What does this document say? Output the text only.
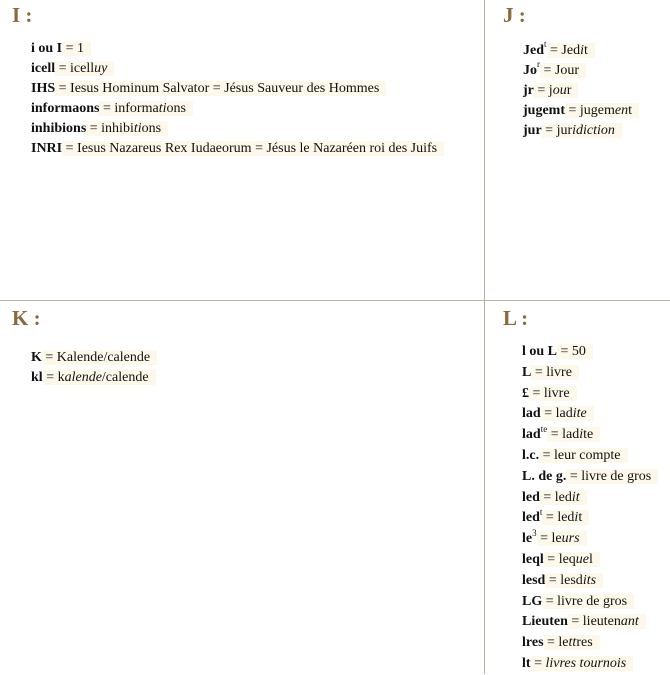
I :
i ou I = 1
icell = icelluy
IHS = Iesus Hominum Salvator = Jésus Sauveur des Hommes
informaons = informations
inhibions = inhibitions
INRI = Iesus Nazareus Rex Iudaeorum = Jésus le Nazaréen roi des Juifs
J :
Jed$^t$ = Jedit
$Jo^r$ = Jour
jr = jour
jugemt = jugement
jur = juridiction
K :
K = Kalende/calende
kl = kalende/calende
L :
l ou L = 50
L = livre
£ = livre
lad = ladite
lad$^{te}$ = ladite
l.c. = leur compte
L. de g. = livre de gros
led = ledit
led$^t$ = ledit
$le^3$ = leurs
leql = lequel
lesd = lesdits
LG = livre de gros
Lieuten = lieutenant
lres = lettres
lt = livres tournois
